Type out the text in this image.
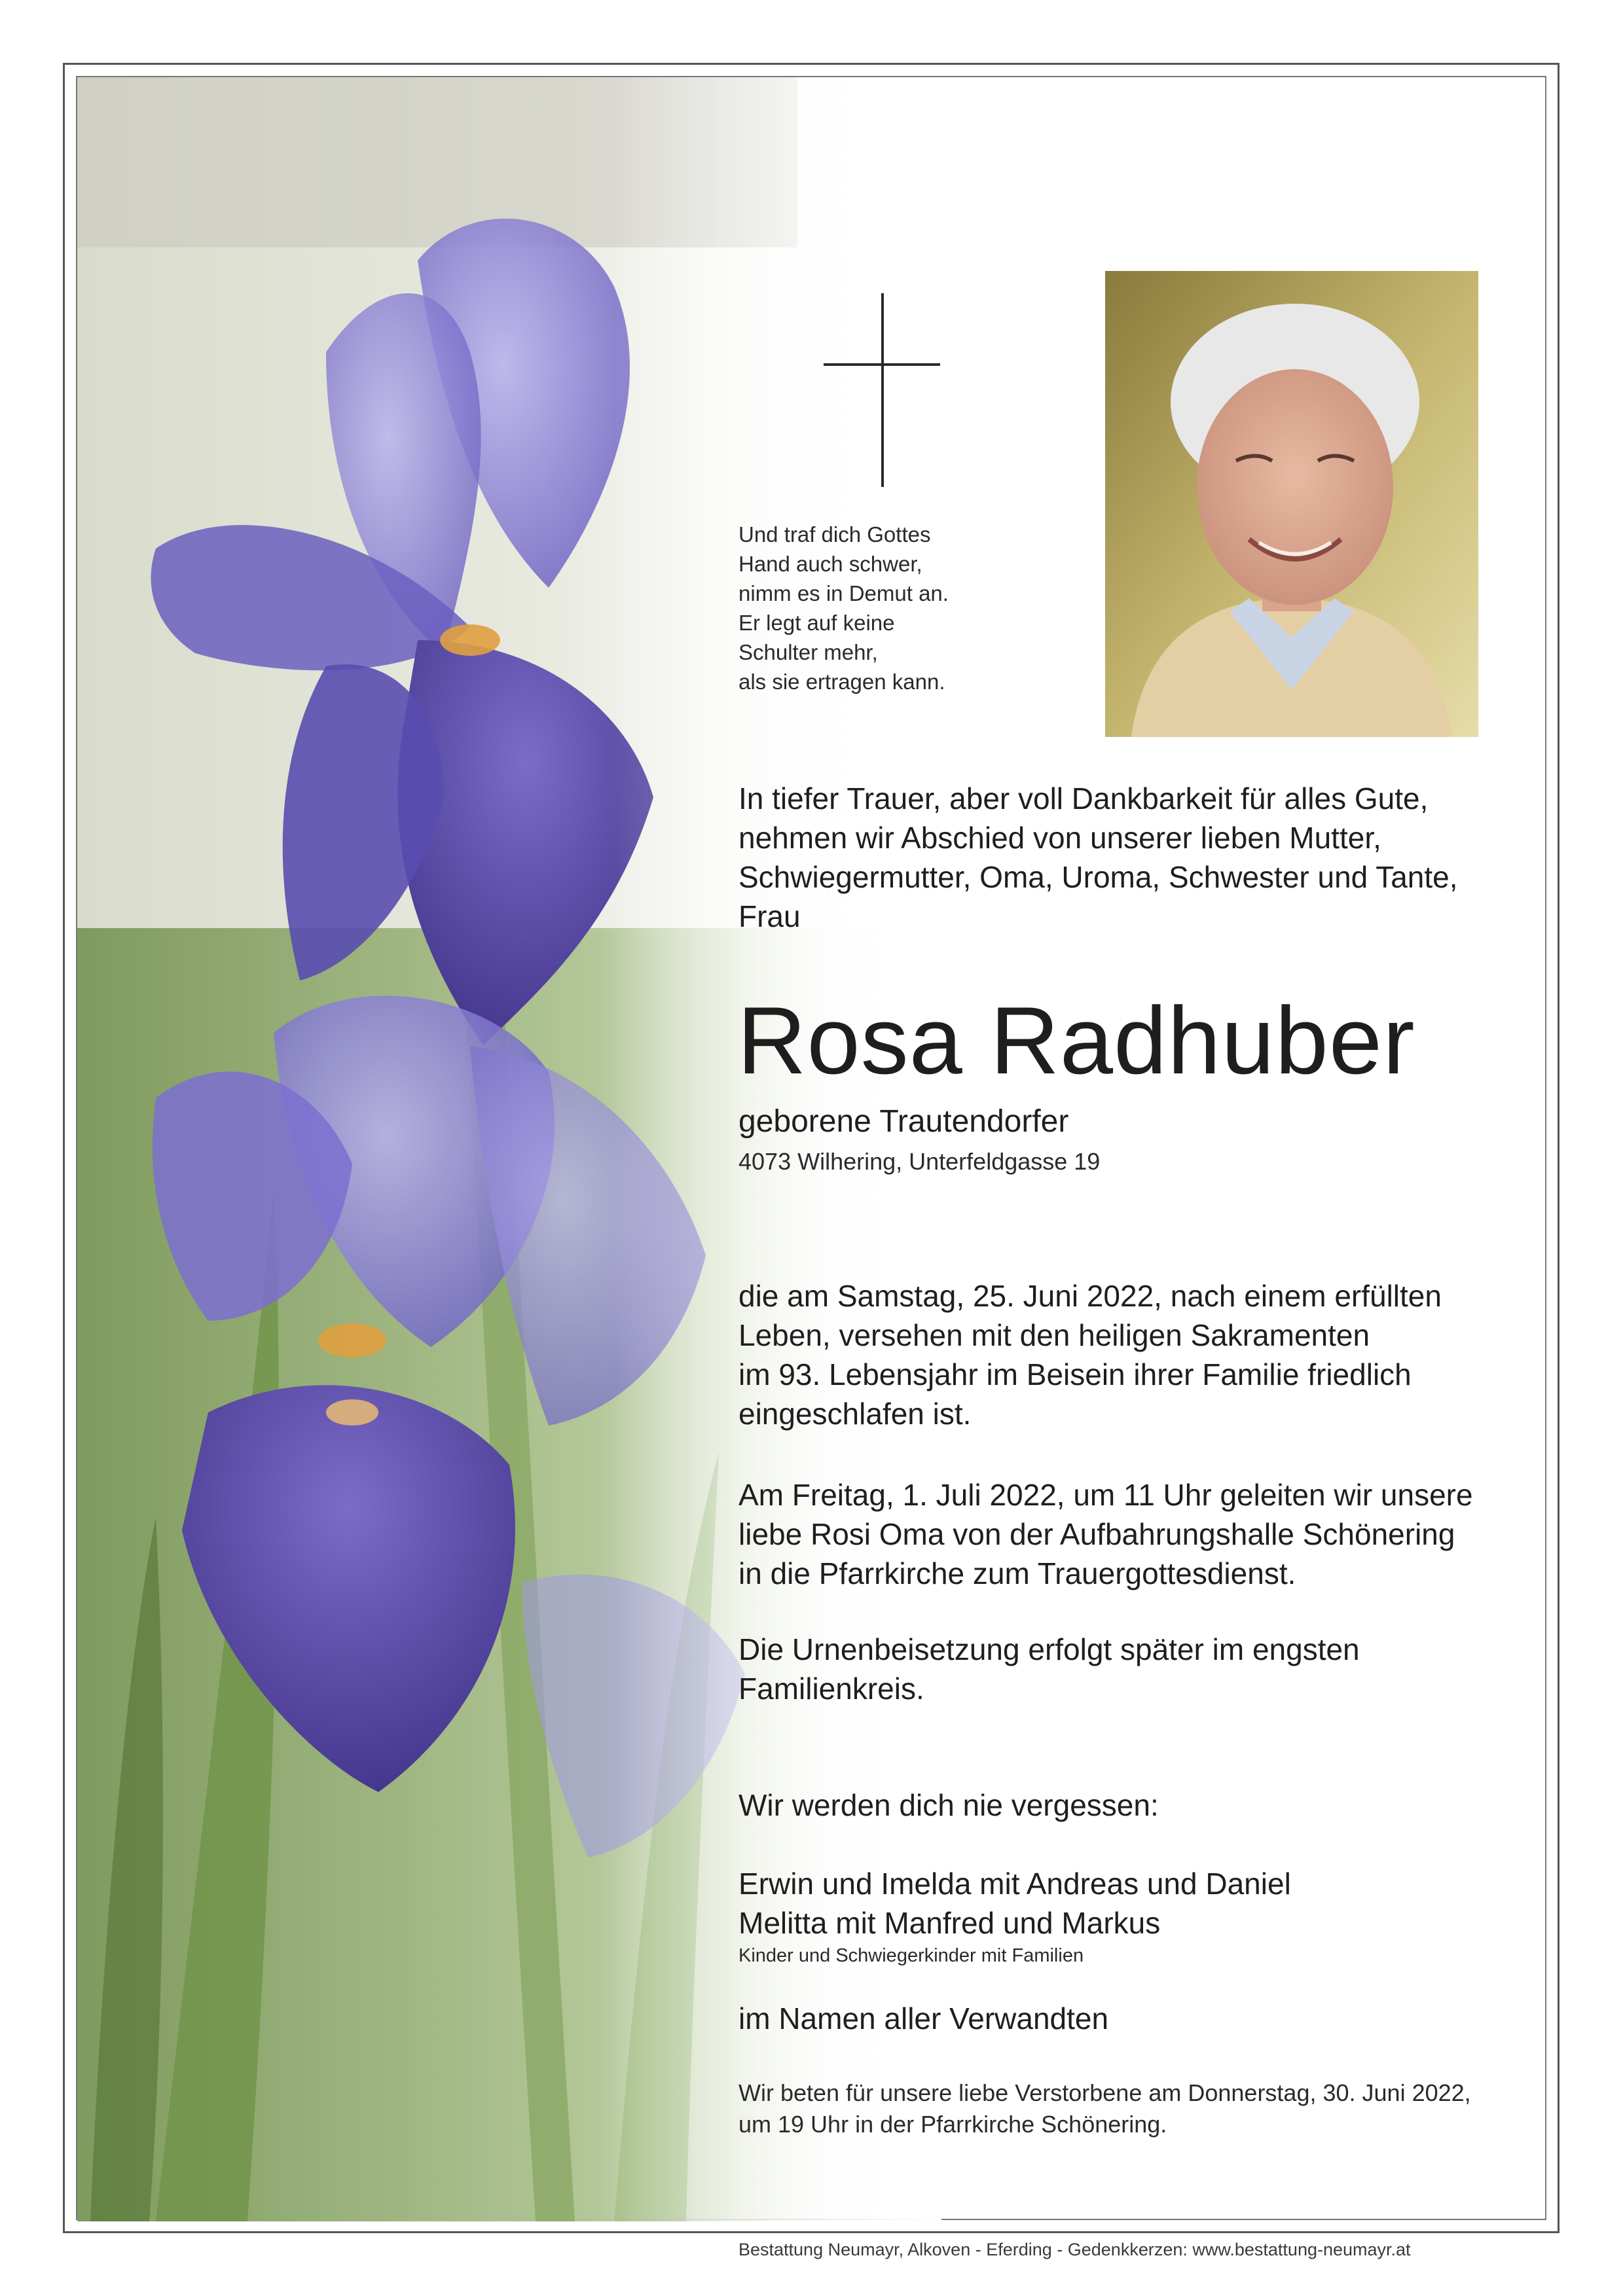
Und traf dich Gottes
Hand auch schwer,
nimm es in Demut an.
Er legt auf keine
Schulter mehr,
als sie ertragen kann.
In tiefer Trauer, aber voll Dankbarkeit für alles Gute,
nehmen wir Abschied von unserer lieben Mutter,
Schwiegermutter, Oma, Uroma, Schwester und Tante,
Frau
Rosa Radhuber
geborene Trautendorfer
4073 Wilhering, Unterfeldgasse 19
die am Samstag, 25. Juni 2022, nach einem erfüllten
Leben, versehen mit den heiligen Sakramenten
im 93. Lebensjahr im Beisein ihrer Familie friedlich
eingeschlafen ist.
Am Freitag, 1. Juli 2022, um 11 Uhr geleiten wir unsere
liebe Rosi Oma von der Aufbahrungshalle Schönering
in die Pfarrkirche zum Trauergottesdienst.
Die Urnenbeisetzung erfolgt später im engsten
Familienkreis.
Wir werden dich nie vergessen:
Erwin und Imelda mit Andreas und Daniel
Melitta mit Manfred und Markus
Kinder und Schwiegerkinder mit Familien
im Namen aller Verwandten
Wir beten für unsere liebe Verstorbene am Donnerstag, 30. Juni 2022,
um 19 Uhr in der Pfarrkirche Schönering.
Bestattung Neumayr, Alkoven - Eferding - Gedenkkerzen: www.bestattung-neumayr.at
